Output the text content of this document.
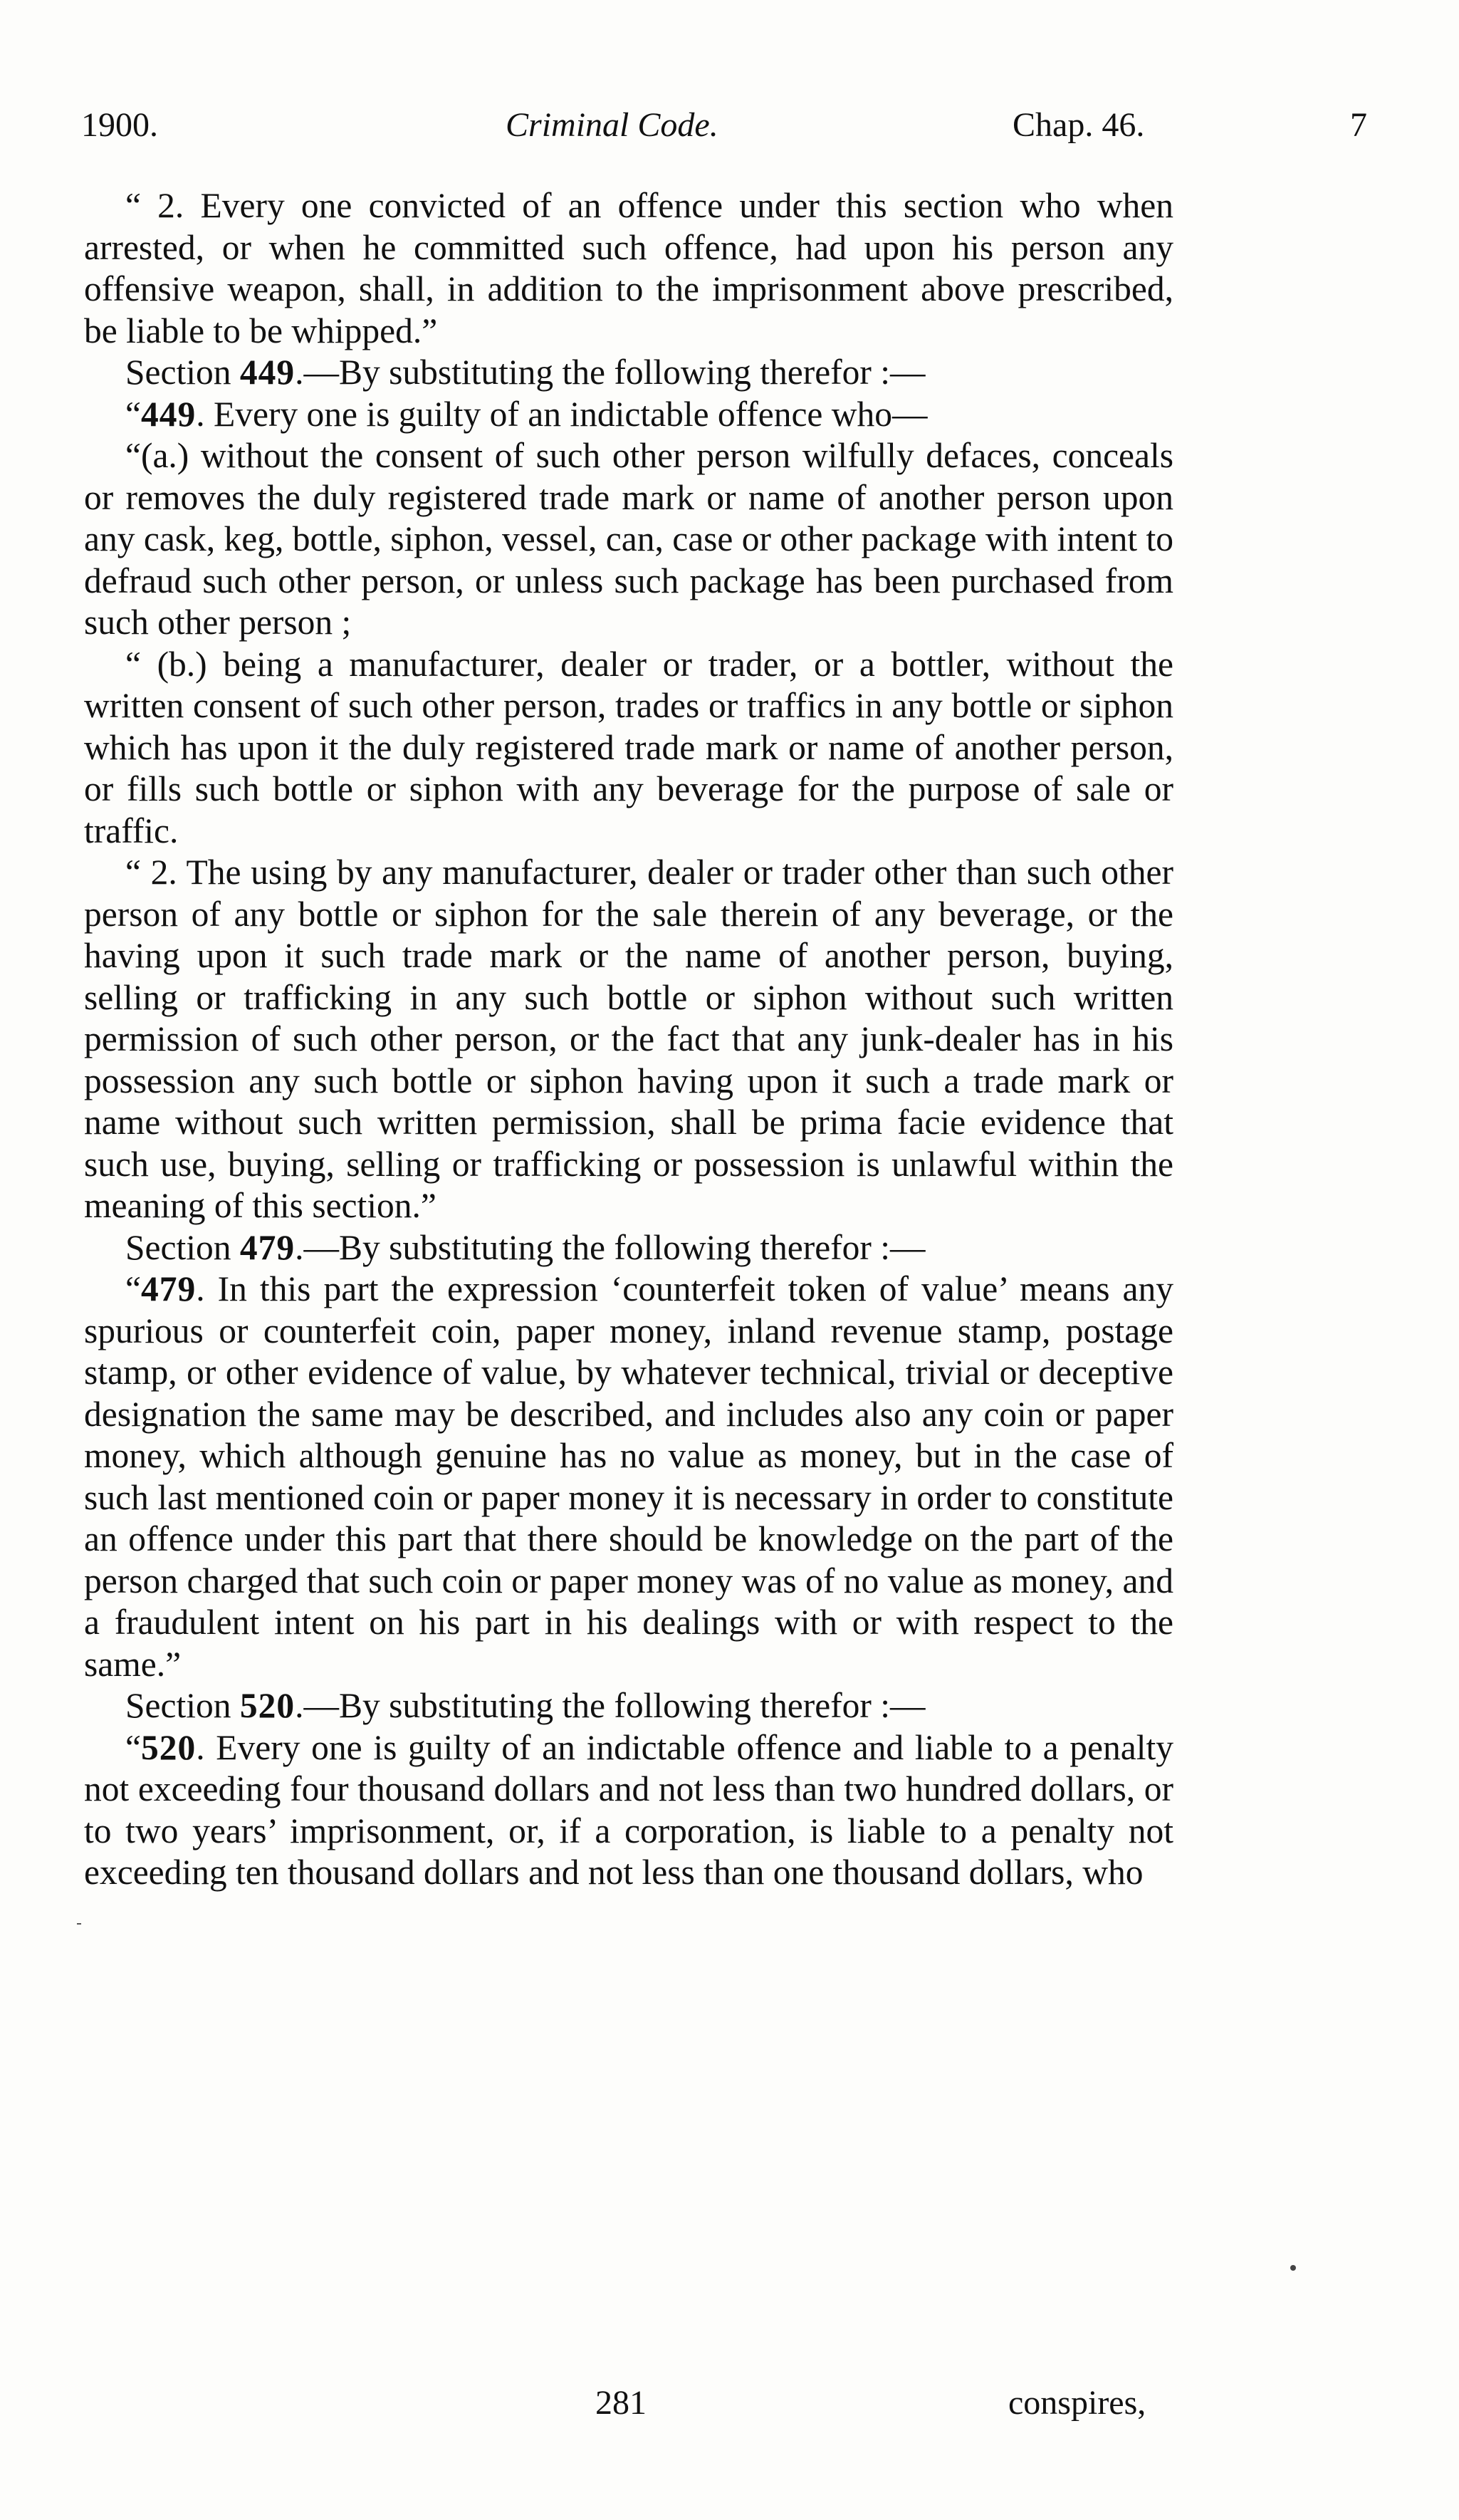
1900.	Criminal Code.	Chap. 46.	7

“ 2. Every one convicted of an offence under this section who when arrested, or when he committed such offence, had upon his person any offensive weapon, shall, in addition to the imprisonment above prescribed, be liable to be whipped.”

Section 449.—By substituting the following therefor :—

“449. Every one is guilty of an indictable offence who—

“(a.) without the consent of such other person wilfully defaces, conceals or removes the duly registered trade mark or name of another person upon any cask, keg, bottle, siphon, vessel, can, case or other package with intent to defraud such other person, or unless such package has been purchased from such other person ;

“ (b.) being a manufacturer, dealer or trader, or a bottler, without the written consent of such other person, trades or traffics in any bottle or siphon which has upon it the duly registered trade mark or name of another person, or fills such bottle or siphon with any beverage for the purpose of sale or traffic.

“ 2. The using by any manufacturer, dealer or trader other than such other person of any bottle or siphon for the sale therein of any beverage, or the having upon it such trade mark or the name of another person, buying, selling or trafficking in any such bottle or siphon without such written permission of such other person, or the fact that any junk-dealer has in his possession any such bottle or siphon having upon it such a trade mark or name without such written permission, shall be prima facie evidence that such use, buying, selling or trafficking or possession is unlawful within the meaning of this section.”

Section 479.—By substituting the following therefor :—

“479. In this part the expression ‘counterfeit token of value’ means any spurious or counterfeit coin, paper money, inland revenue stamp, postage stamp, or other evidence of value, by whatever technical, trivial or deceptive designation the same may be described, and includes also any coin or paper money, which although genuine has no value as money, but in the case of such last mentioned coin or paper money it is necessary in order to constitute an offence under this part that there should be knowledge on the part of the person charged that such coin or paper money was of no value as money, and a fraudulent intent on his part in his dealings with or with respect to the same.”

Section 520.—By substituting the following therefor :—

“520. Every one is guilty of an indictable offence and liable to a penalty not exceeding four thousand dollars and not less than two hundred dollars, or to two years’ imprisonment, or, if a corporation, is liable to a penalty not exceeding ten thousand dollars and not less than one thousand dollars, who

281	conspires,
